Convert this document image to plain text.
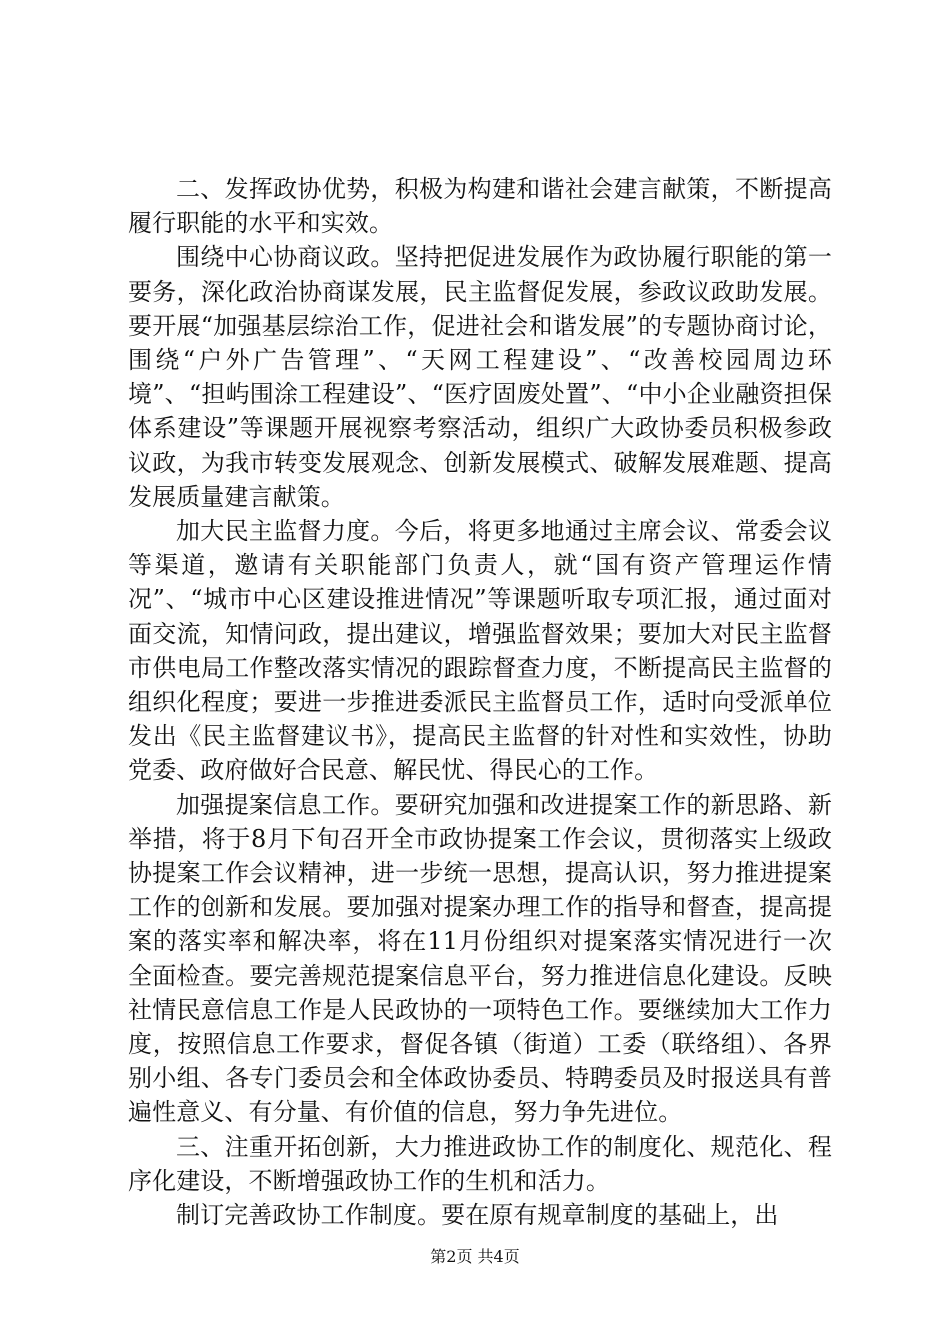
二、发挥政协优势，积极为构建和谐社会建言献策，不断提高履行职能的水平和实效。

围绕中心协商议政。坚持把促进发展作为政协履行职能的第一要务，深化政治协商谋发展，民主监督促发展，参政议政助发展。要开展“加强基层综治工作，促进社会和谐发展”的专题协商讨论，围绕“户外广告管理”、“天网工程建设”、“改善校园周边环境”、“担屿围涂工程建设”、“医疗固废处置”、“中小企业融资担保体系建设”等课题开展视察考察活动，组织广大政协委员积极参政议政，为我市转变发展观念、创新发展模式、破解发展难题、提高发展质量建言献策。

加大民主监督力度。今后，将更多地通过主席会议、常委会议等渠道，邀请有关职能部门负责人，就“国有资产管理运作情况”、“城市中心区建设推进情况”等课题听取专项汇报，通过面对面交流，知情问政，提出建议，增强监督效果；要加大对民主监督市供电局工作整改落实情况的跟踪督查力度，不断提高民主监督的组织化程度；要进一步推进委派民主监督员工作，适时向受派单位发出《民主监督建议书》，提高民主监督的针对性和实效性，协助党委、政府做好合民意、解民忧、得民心的工作。

加强提案信息工作。要研究加强和改进提案工作的新思路、新举措，将于8月下旬召开全市政协提案工作会议，贯彻落实上级政协提案工作会议精神，进一步统一思想，提高认识，努力推进提案工作的创新和发展。要加强对提案办理工作的指导和督查，提高提案的落实率和解决率，将在11月份组织对提案落实情况进行一次全面检查。要完善规范提案信息平台，努力推进信息化建设。反映社情民意信息工作是人民政协的一项特色工作。要继续加大工作力度，按照信息工作要求，督促各镇（街道）工委（联络组）、各界别小组、各专门委员会和全体政协委员、特聘委员及时报送具有普遍性意义、有分量、有价值的信息，努力争先进位。

三、注重开拓创新，大力推进政协工作的制度化、规范化、程序化建设，不断增强政协工作的生机和活力。

制订完善政协工作制度。要在原有规章制度的基础上，出

第2页 共4页
